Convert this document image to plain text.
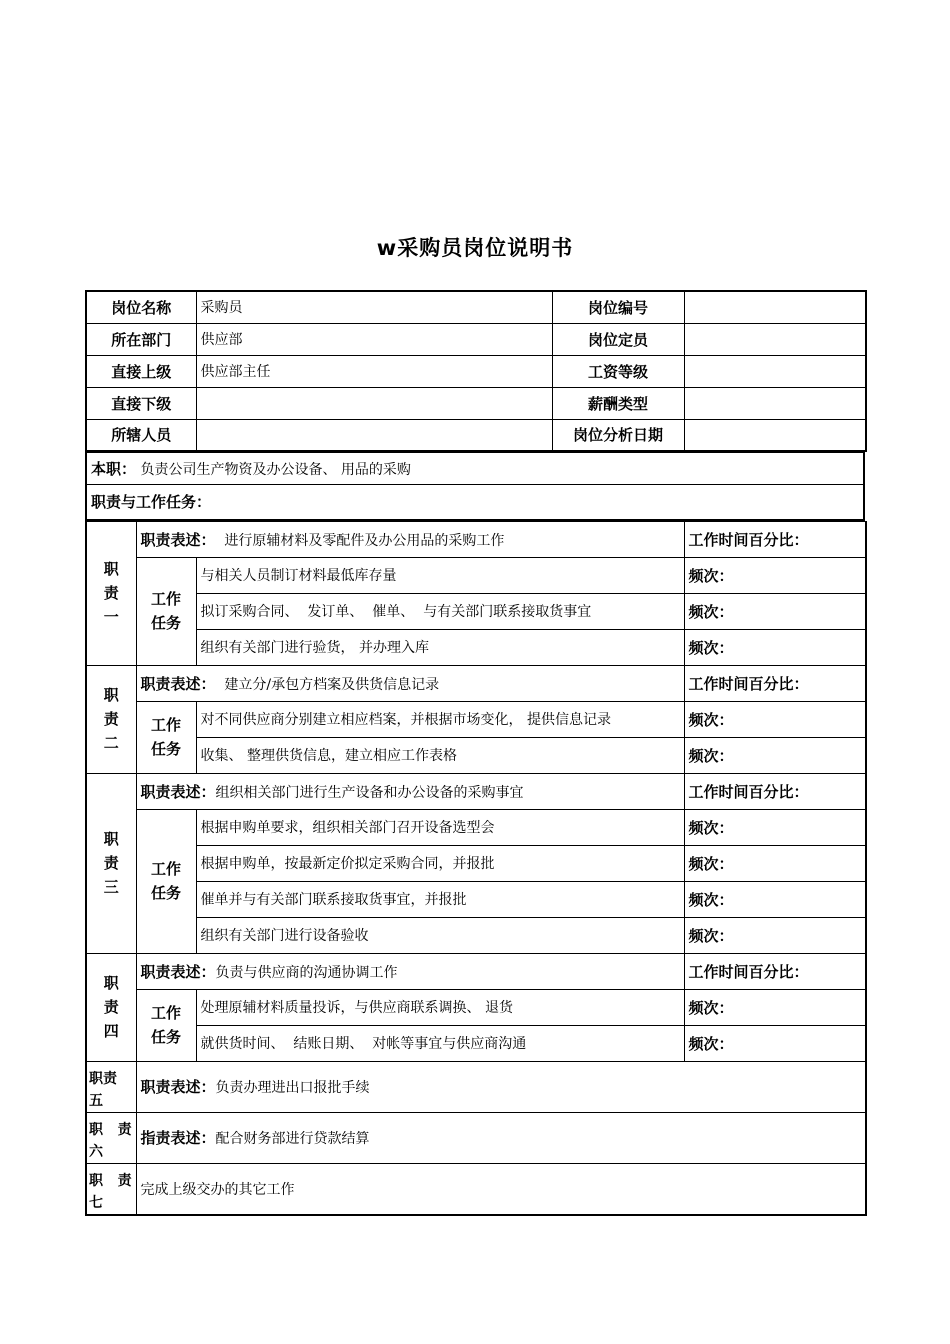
w采购员岗位说明书
岗位名称	采购员	岗位编号	
所在部门	供应部	岗位定员	
直接上级	供应部主任	工资等级	
直接下级		薪酬类型	
所辖人员		岗位分析日期	
本职： 负责公司生产物资及办公设备、 用品的采购
职责与工作任务：
职
责
一	职责表述：  进行原辅材料及零配件及办公用品的采购工作		工作时间百分比：
	工作
任务	与相关人员制订材料最低库存量	频次：
		拟订采购合同、  发订单、  催单、  与有关部门联系接取货事宜	频次：
		组织有关部门进行验货， 并办理入库	频次：
职
责
二	职责表述：  建立分/承包方档案及供货信息记录		工作时间百分比：
	工作
任务	对不同供应商分别建立相应档案，并根据市场变化， 提供信息记录	频次：
		收集、 整理供货信息，建立相应工作表格	频次：
职
责
三	职责表述：组织相关部门进行生产设备和办公设备的采购事宜		工作时间百分比：
	工作
任务	根据申购单要求，组织相关部门召开设备选型会	频次：
		根据申购单，按最新定价拟定采购合同，并报批	频次：
		催单并与有关部门联系接取货事宜，并报批	频次：
		组织有关部门进行设备验收	频次：
职
责
四	职责表述：负责与供应商的沟通协调工作		工作时间百分比：
	工作
任务	处理原辅材料质量投诉，与供应商联系调换、 退货	频次：
		就供货时间、  结账日期、  对帐等事宜与供应商沟通	频次：
职责
五	职责表述：负责办理进出口报批手续		
职   责
六	指责表述：配合财务部进行贷款结算		
职   责
七	完成上级交办的其它工作		
